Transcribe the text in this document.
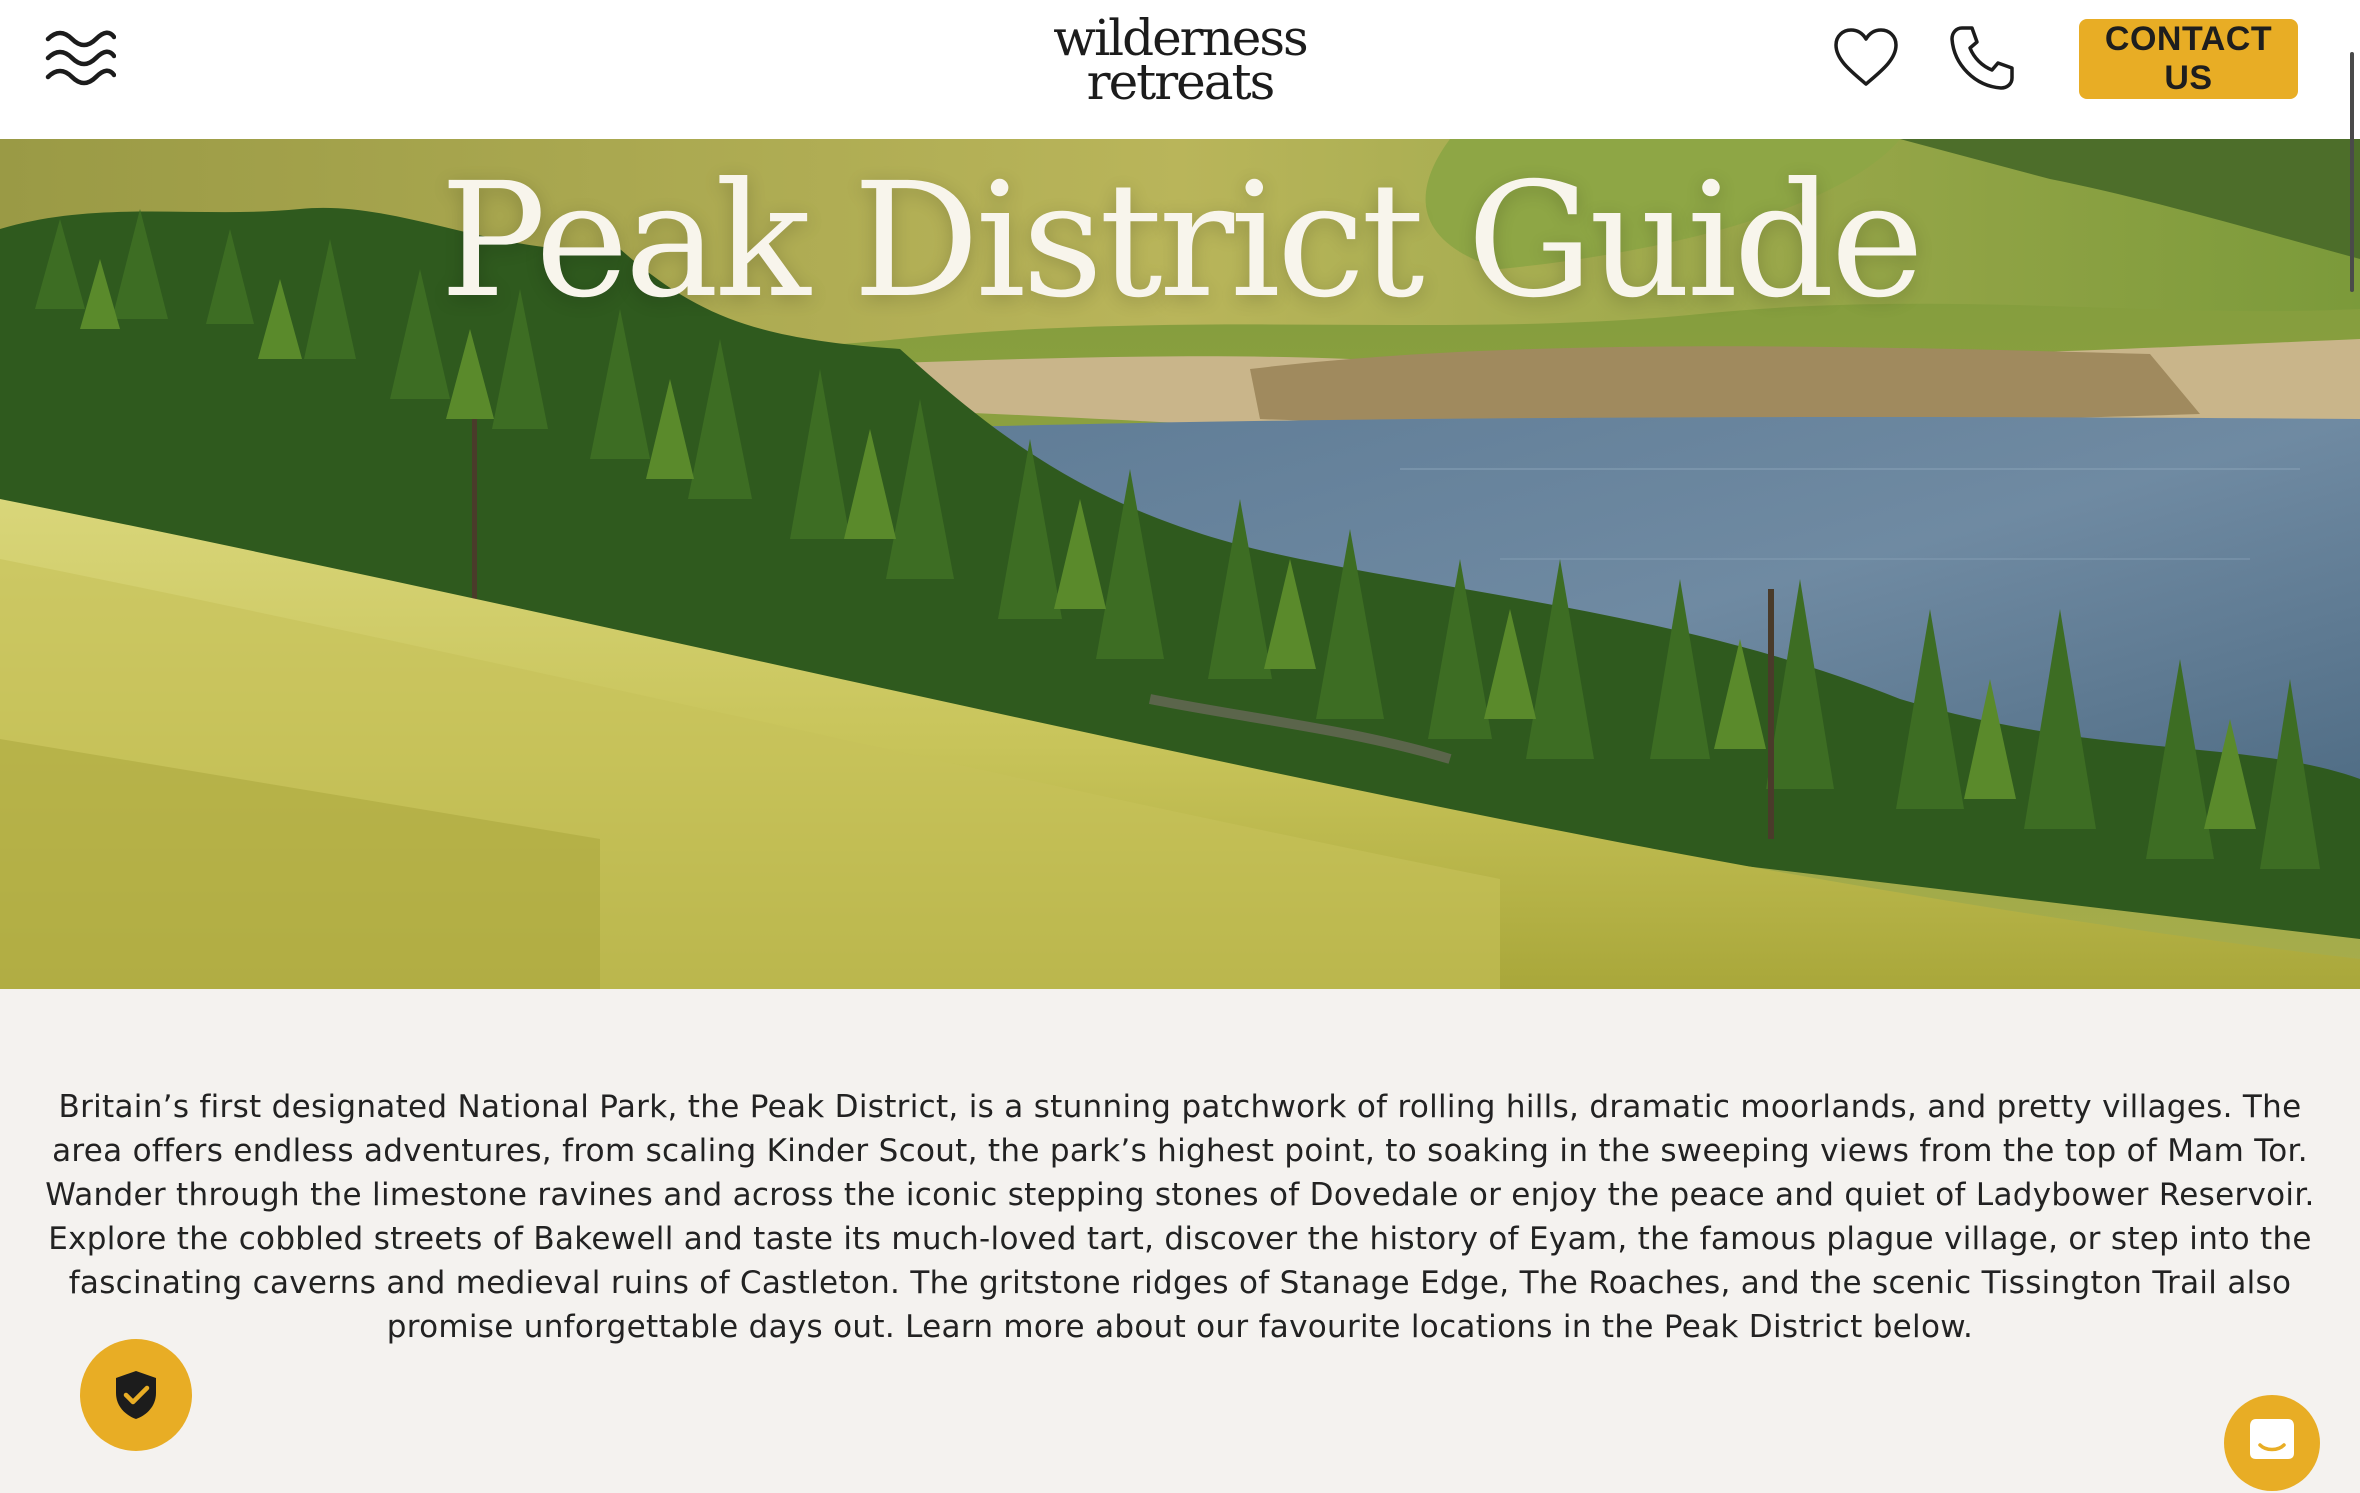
wilderness
retreats
CONTACT US
Peak District Guide

Britain’s first designated National Park, the Peak District, is a stunning patchwork of rolling hills, dramatic moorlands, and pretty villages. The area offers endless adventures, from scaling Kinder Scout, the park’s highest point, to soaking in the sweeping views from the top of Mam Tor. Wander through the limestone ravines and across the iconic stepping stones of Dovedale or enjoy the peace and quiet of Ladybower Reservoir. Explore the cobbled streets of Bakewell and taste its much-loved tart, discover the history of Eyam, the famous plague village, or step into the fascinating caverns and medieval ruins of Castleton. The gritstone ridges of Stanage Edge, The Roaches, and the scenic Tissington Trail also promise unforgettable days out. Learn more about our favourite locations in the Peak District below.
